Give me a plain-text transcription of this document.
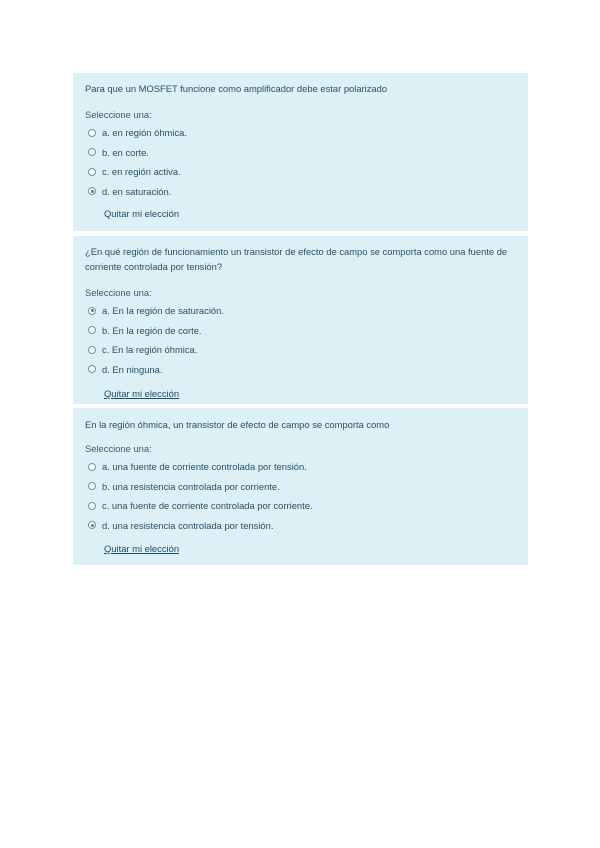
Para que un MOSFET funcione como amplificador debe estar polarizado

Seleccione una:

a. en región óhmica.
b. en corte.
c. en región activa.
d. en saturación.
Quitar mi elección

¿En qué región de funcionamiento un transistor de efecto de campo se comporta como una fuente de corriente controlada por tensión?

Seleccione una:

a. En la región de saturación.
b. En la región de corte.
c. En la región óhmica.
d. En ninguna.
Quitar mi elección

En la región óhmica, un transistor de efecto de campo se comporta como

Seleccione una:

a. una fuente de corriente controlada por tensión.
b. una resistencia controlada por corriente.
c. una fuente de corriente controlada por corriente.
d. una resistencia controlada por tensión.
Quitar mi elección
